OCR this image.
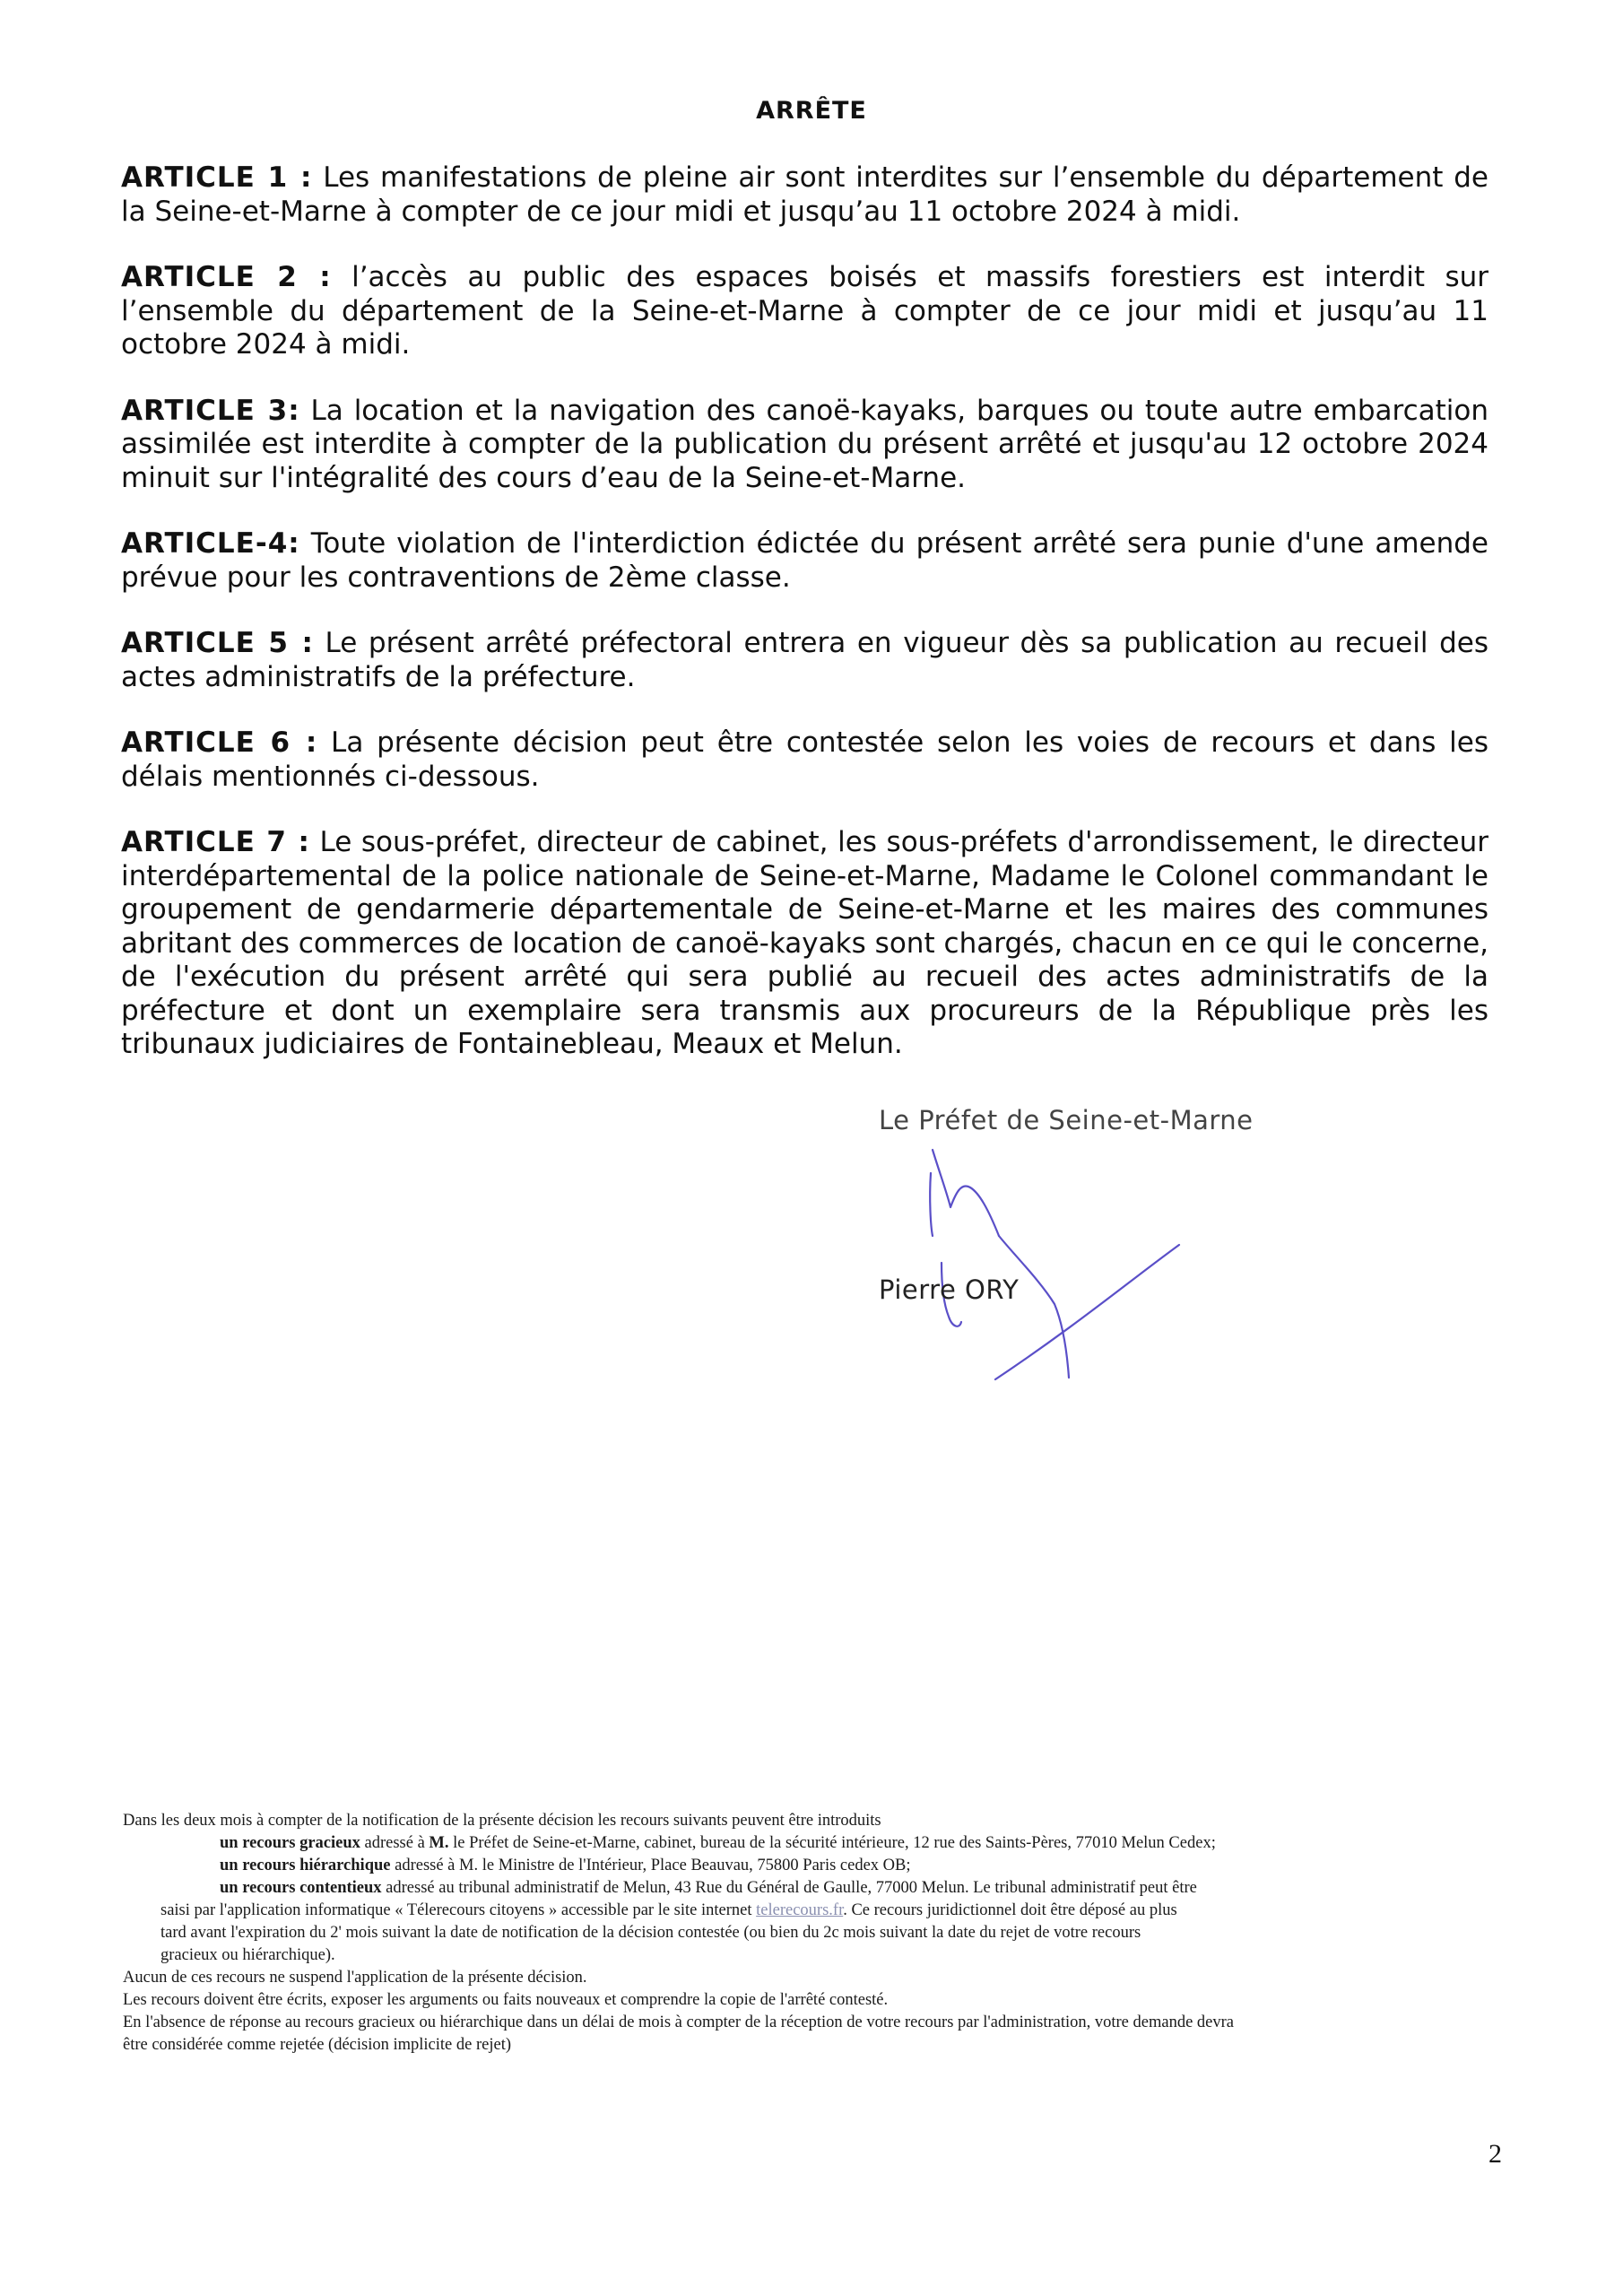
ARRÊTE

ARTICLE 1 : Les manifestations de pleine air sont interdites sur l’ensemble du département de la Seine-et-Marne à compter de ce jour midi et jusqu’au 11 octobre 2024 à midi.

ARTICLE 2 : l’accès au public des espaces boisés et massifs forestiers est interdit sur l’ensemble du département de la Seine-et-Marne à compter de ce jour midi et jusqu’au 11 octobre 2024 à midi.

ARTICLE 3: La location et la navigation des canoë-kayaks, barques ou toute autre embarcation assimilée est interdite à compter de la publication du présent arrêté et jusqu'au 12 octobre 2024 minuit sur l'intégralité des cours d’eau de la Seine-et-Marne.

ARTICLE-4: Toute violation de l'interdiction édictée du présent arrêté sera punie d'une amende prévue pour les contraventions de 2ème classe.

ARTICLE 5 : Le présent arrêté préfectoral entrera en vigueur dès sa publication au recueil des actes administratifs de la préfecture.

ARTICLE 6 : La présente décision peut être contestée selon les voies de recours et dans les délais mentionnés ci-dessous.

ARTICLE 7 : Le sous-préfet, directeur de cabinet, les sous-préfets d'arrondissement, le directeur interdépartemental de la police nationale de Seine-et-Marne, Madame le Colonel commandant le groupement de gendarmerie départementale de Seine-et-Marne et les maires des communes abritant des commerces de location de canoë-kayaks sont chargés, chacun en ce qui le concerne, de l'exécution du présent arrêté qui sera publié au recueil des actes administratifs de la préfecture et dont un exemplaire sera transmis aux procureurs de la République près les tribunaux judiciaires de Fontainebleau, Meaux et Melun.

Le Préfet de Seine-et-Marne
Pierre ORY

Dans les deux mois à compter de la notification de la présente décision les recours suivants peuvent être introduits

un recours gracieux adressé à M. le Préfet de Seine-et-Marne, cabinet, bureau de la sécurité intérieure, 12 rue des Saints-Pères, 77010 Melun Cedex;

un recours hiérarchique adressé à M. le Ministre de l'Intérieur, Place Beauvau, 75800 Paris cedex OB;

un recours contentieux adressé au tribunal administratif de Melun, 43 Rue du Général de Gaulle, 77000 Melun. Le tribunal administratif peut être

saisi par l'application informatique « Télerecours citoyens » accessible par le site internet telerecours.fr. Ce recours juridictionnel doit être déposé au plus

tard avant l'expiration du 2' mois suivant la date de notification de la décision contestée (ou bien du 2c mois suivant la date du rejet de votre recours

gracieux ou hiérarchique).

Aucun de ces recours ne suspend l'application de la présente décision.

Les recours doivent être écrits, exposer les arguments ou faits nouveaux et comprendre la copie de l'arrêté contesté.

En l'absence de réponse au recours gracieux ou hiérarchique dans un délai de mois à compter de la réception de votre recours par l'administration, votre demande devra

être considérée comme rejetée (décision implicite de rejet)

2
